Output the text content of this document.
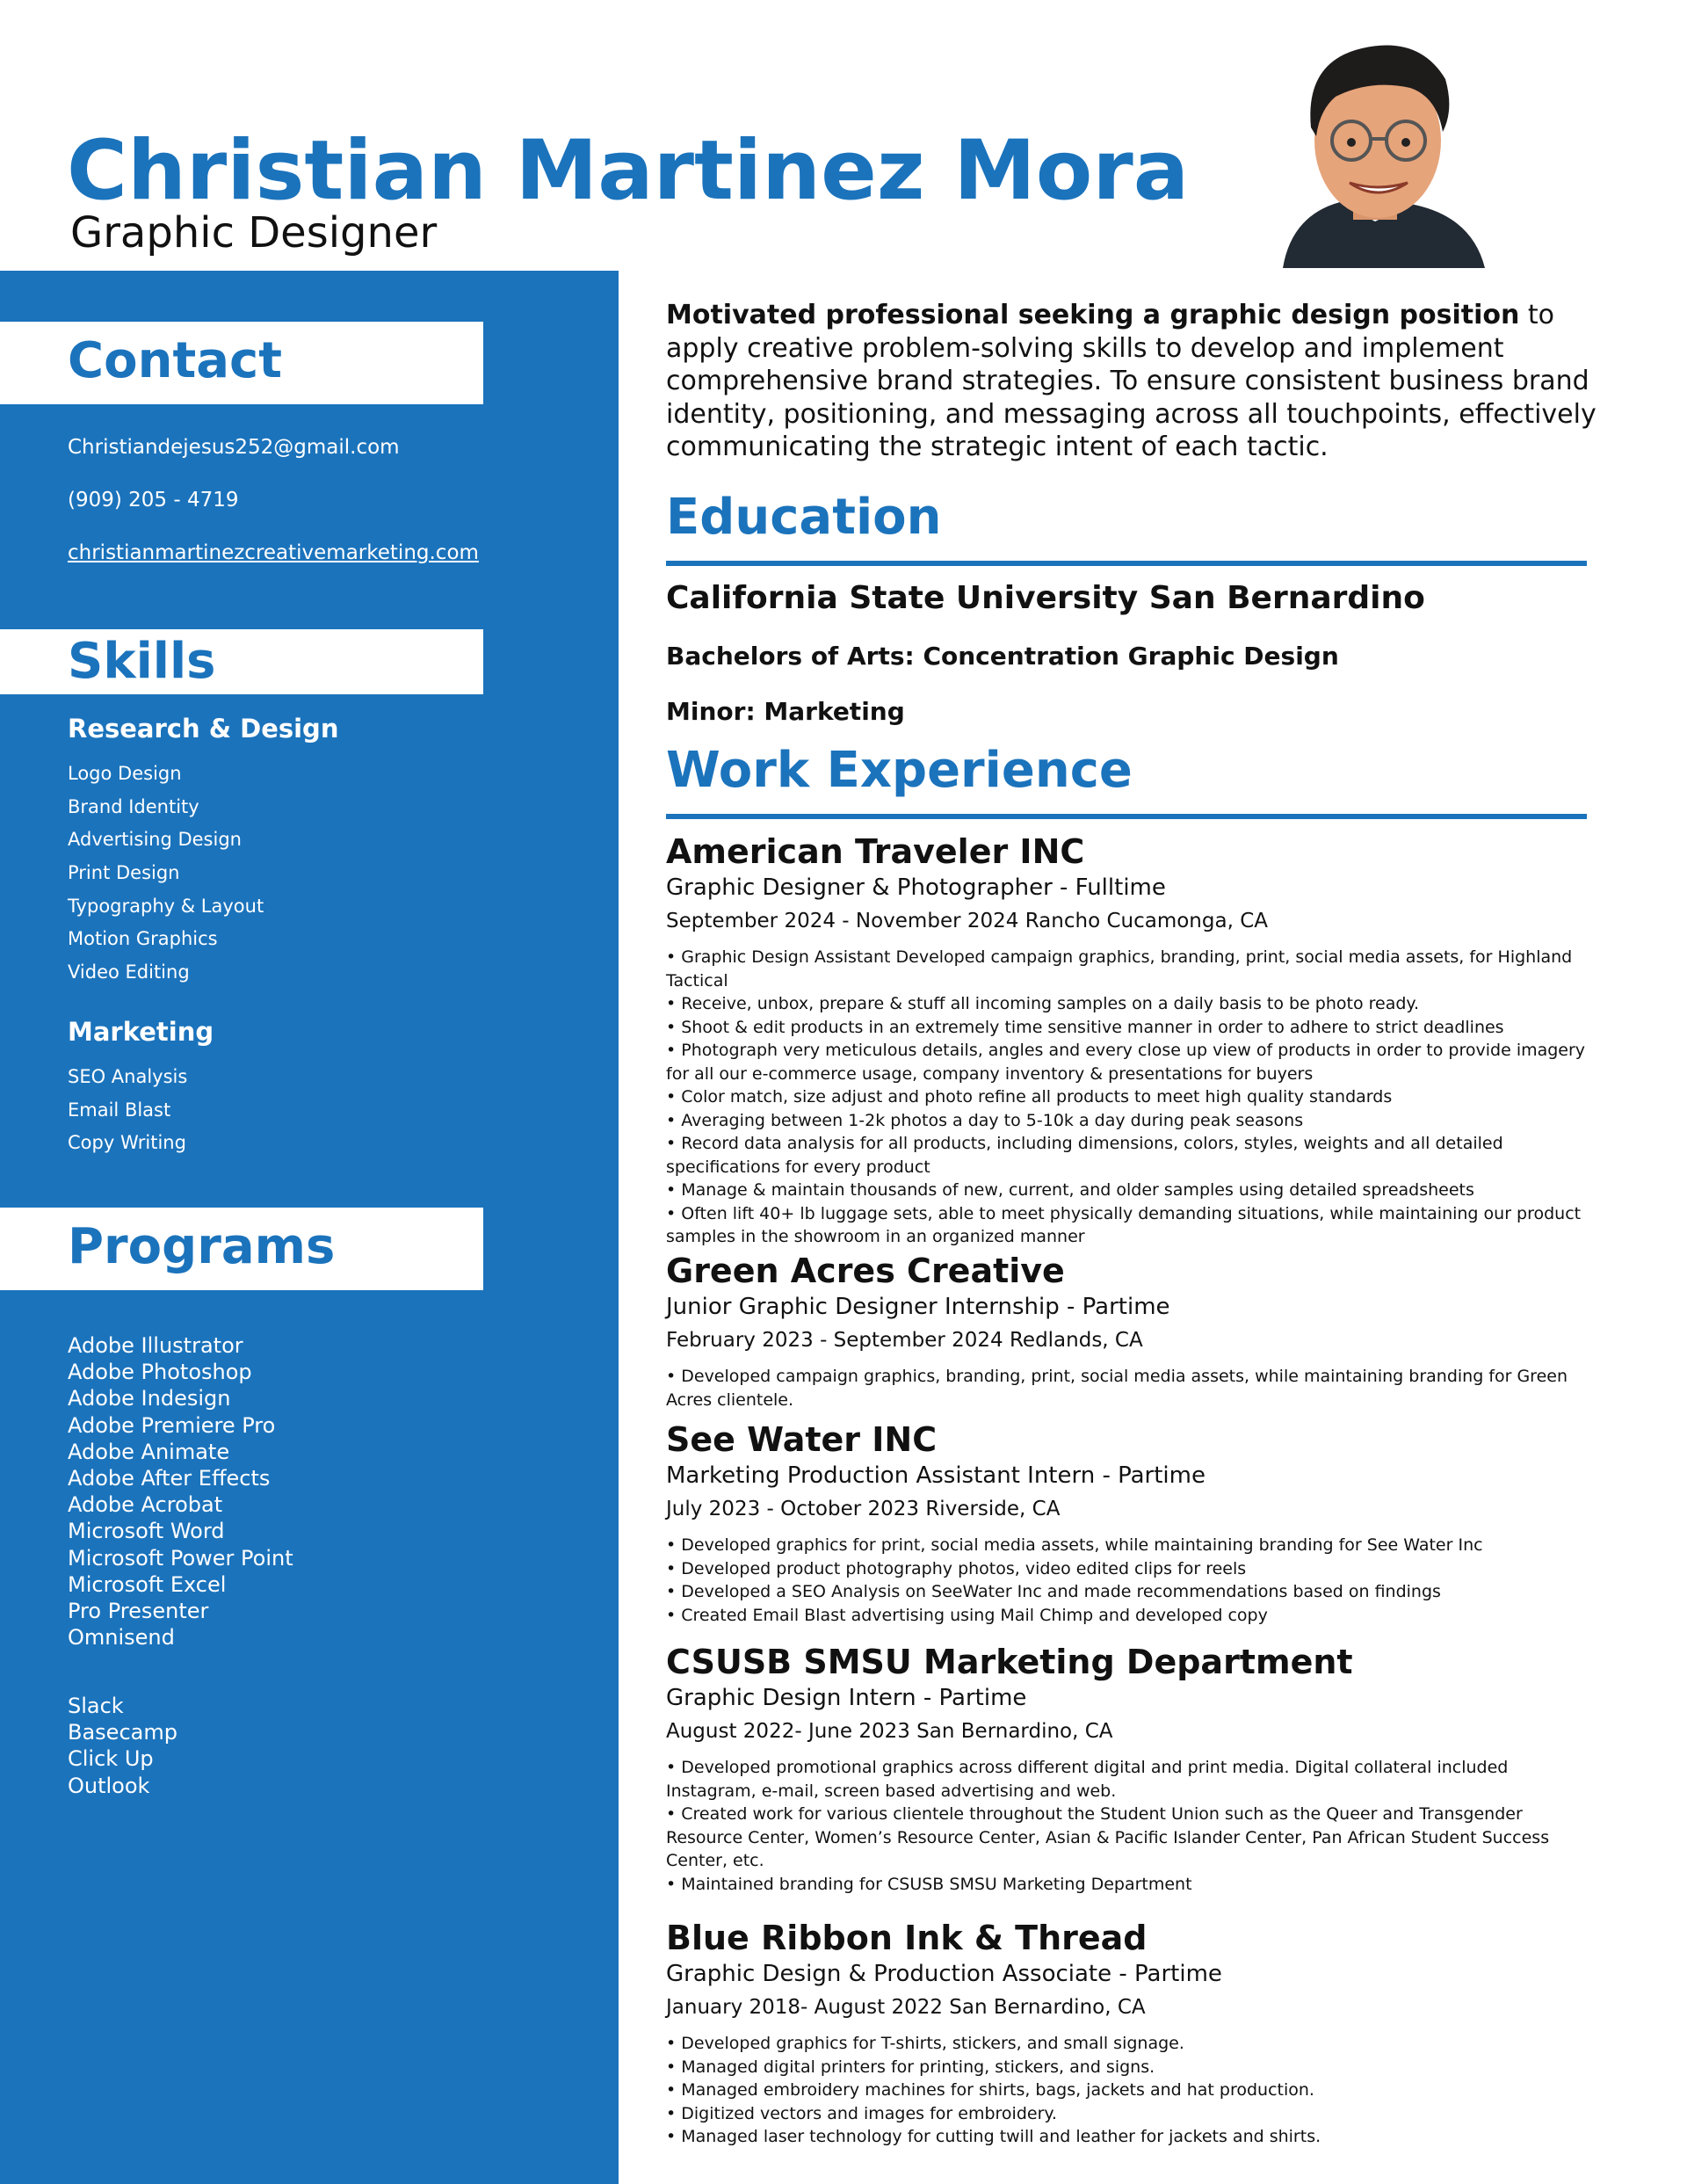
Christian Martinez Mora

Graphic Designer

Contact
Christiandejesus252@gmail.com
(909) 205 - 4719
christianmartinezcreativemarketing.com
Skills
Research & Design
Logo Design
Brand Identity
Advertising Design
Print Design
Typography & Layout
Motion Graphics
Video Editing
Marketing
SEO Analysis
Email Blast
Copy Writing
Programs
Adobe Illustrator
Adobe Photoshop
Adobe Indesign
Adobe Premiere Pro
Adobe Animate
Adobe After Effects
Adobe Acrobat
Microsoft Word
Microsoft Power Point
Microsoft Excel
Pro Presenter
Omnisend
Slack
Basecamp
Click Up
Outlook

Motivated professional seeking a graphic design position to apply creative problem-solving skills to develop and implement comprehensive brand strategies. To ensure consistent business brand identity, positioning, and messaging across all touchpoints, effectively communicating the strategic intent of each tactic.

Education

California State University San Bernardino

Bachelors of Arts: Concentration Graphic Design

Minor: Marketing

Work Experience

American Traveler INC

Graphic Designer & Photographer - Fulltime

September 2024 - November 2024 Rancho Cucamonga, CA

• Graphic Design Assistant Developed campaign graphics, branding, print, social media assets, for Highland Tactical
• Receive, unbox, prepare & stuff all incoming samples on a daily basis to be photo ready.
• Shoot & edit products in an extremely time sensitive manner in order to adhere to strict deadlines
• Photograph very meticulous details, angles and every close up view of products in order to provide imagery for all our e-commerce usage, company inventory & presentations for buyers
• Color match, size adjust and photo refine all products to meet high quality standards
• Averaging between 1-2k photos a day to 5-10k a day during peak seasons
• Record data analysis for all products, including dimensions, colors, styles, weights and all detailed specifications for every product
• Manage & maintain thousands of new, current, and older samples using detailed spreadsheets
• Often lift 40+ lb luggage sets, able to meet physically demanding situations, while maintaining our product samples in the showroom in an organized manner

Green Acres Creative

Junior Graphic Designer Internship - Partime

February 2023 - September 2024 Redlands, CA

• Developed campaign graphics, branding, print, social media assets, while maintaining branding for Green Acres clientele.

See Water INC

Marketing Production Assistant Intern - Partime

July 2023 - October 2023 Riverside, CA

• Developed graphics for print, social media assets, while maintaining branding for See Water Inc
• Developed product photography photos, video edited clips for reels
• Developed a SEO Analysis on SeeWater Inc and made recommendations based on findings
• Created Email Blast advertising using Mail Chimp and developed copy

CSUSB SMSU Marketing Department

Graphic Design Intern - Partime

August 2022- June 2023 San Bernardino, CA

• Developed promotional graphics across different digital and print media. Digital collateral included Instagram, e-mail, screen based advertising and web.
• Created work for various clientele throughout the Student Union such as the Queer and Transgender Resource Center, Women’s Resource Center, Asian & Pacific Islander Center, Pan African Student Success Center, etc.
• Maintained branding for CSUSB SMSU Marketing Department

Blue Ribbon Ink & Thread

Graphic Design & Production Associate - Partime

January 2018- August 2022 San Bernardino, CA

• Developed graphics for T-shirts, stickers, and small signage.
• Managed digital printers for printing, stickers, and signs.
• Managed embroidery machines for shirts, bags, jackets and hat production.
• Digitized vectors and images for embroidery.
• Managed laser technology for cutting twill and leather for jackets and shirts.
